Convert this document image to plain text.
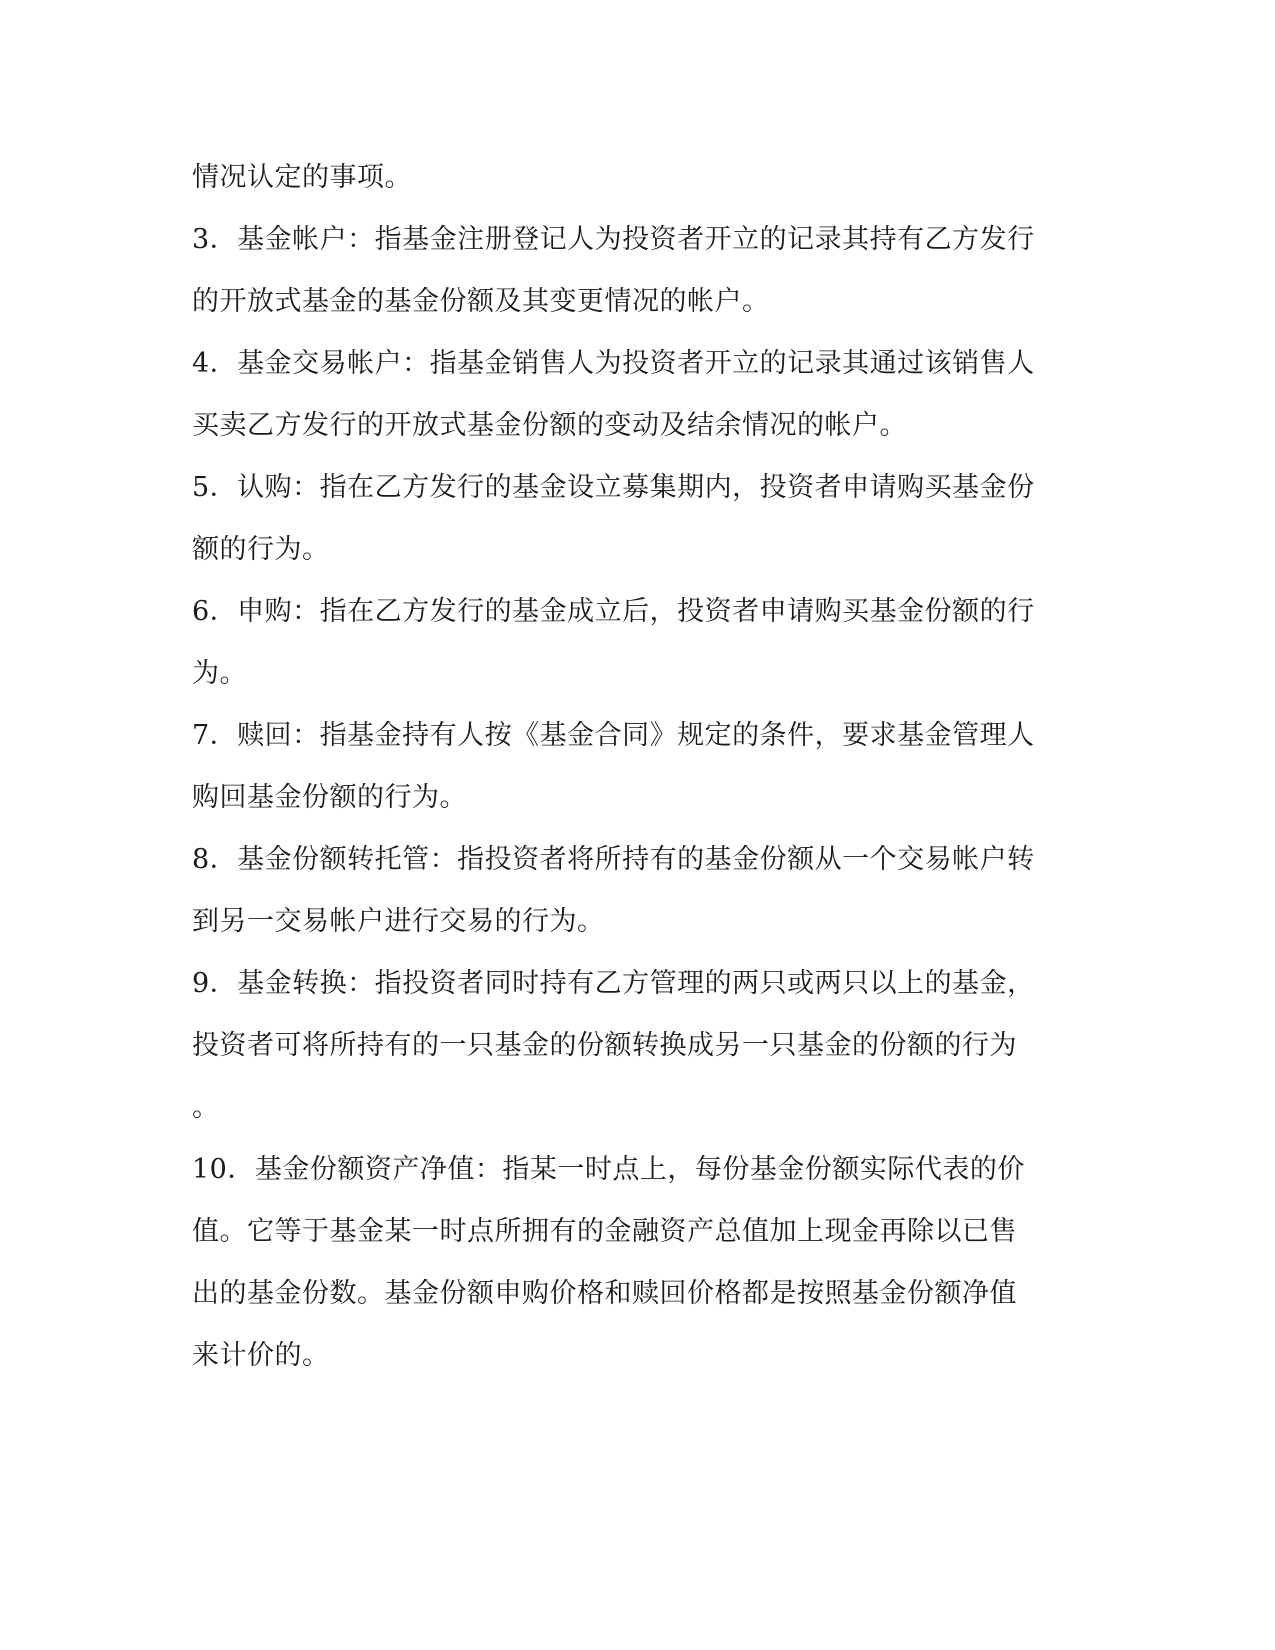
情况认定的事项。
3．基金帐户：指基金注册登记人为投资者开立的记录其持有乙方发行
的开放式基金的基金份额及其变更情况的帐户。
4．基金交易帐户：指基金销售人为投资者开立的记录其通过该销售人
买卖乙方发行的开放式基金份额的变动及结余情况的帐户。
5．认购：指在乙方发行的基金设立募集期内，投资者申请购买基金份
额的行为。
6．申购：指在乙方发行的基金成立后，投资者申请购买基金份额的行
为。
7．赎回：指基金持有人按《基金合同》规定的条件，要求基金管理人
购回基金份额的行为。
8．基金份额转托管：指投资者将所持有的基金份额从一个交易帐户转
到另一交易帐户进行交易的行为。
9．基金转换：指投资者同时持有乙方管理的两只或两只以上的基金，
投资者可将所持有的一只基金的份额转换成另一只基金的份额的行为
。
10．基金份额资产净值：指某一时点上，每份基金份额实际代表的价
值。它等于基金某一时点所拥有的金融资产总值加上现金再除以已售
出的基金份数。基金份额申购价格和赎回价格都是按照基金份额净值
来计价的。
